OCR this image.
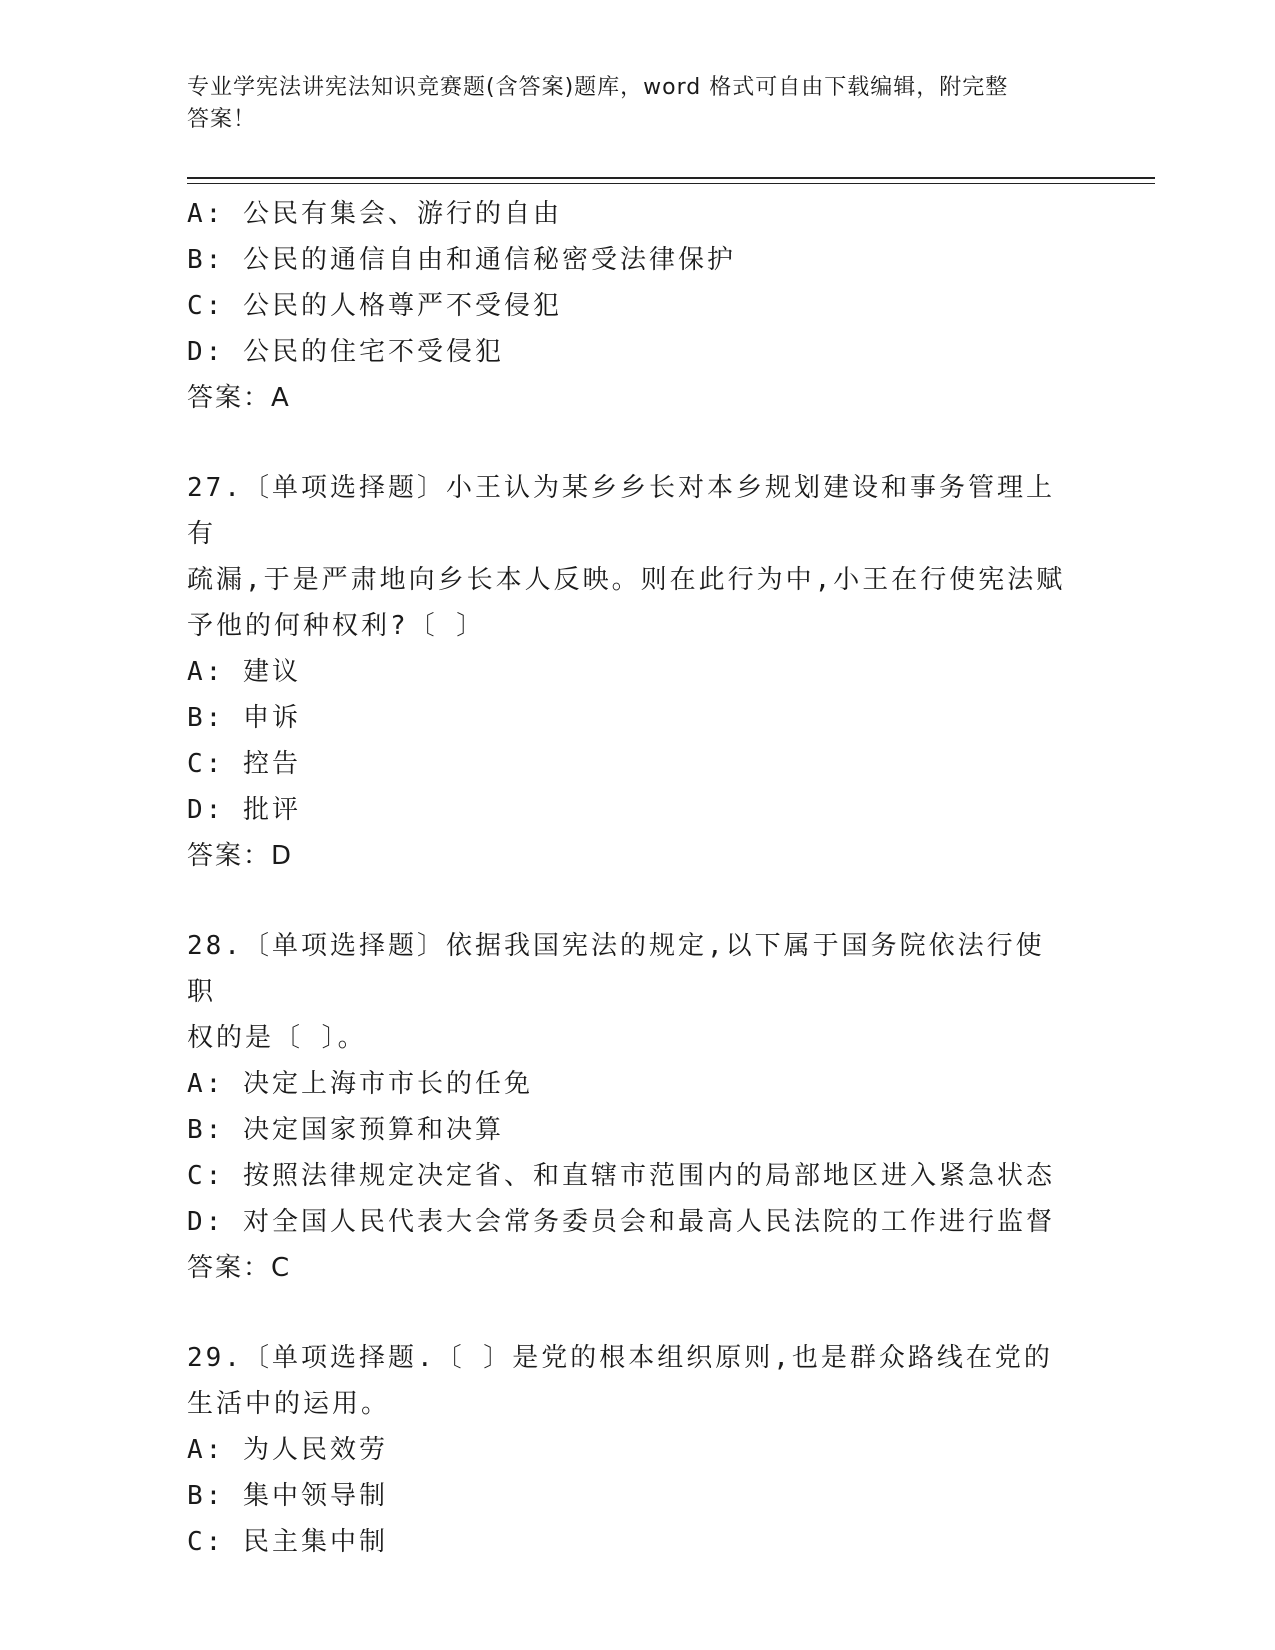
专业学宪法讲宪法知识竞赛题(含答案)题库，word 格式可自由下载编辑，附完整
答案！
A: 公民有集会、游行的自由
B: 公民的通信自由和通信秘密受法律保护
C: 公民的人格尊严不受侵犯
D: 公民的住宅不受侵犯
答案：A
27.〔单项选择题〕小王认为某乡乡长对本乡规划建设和事务管理上有
疏漏,于是严肃地向乡长本人反映。则在此行为中,小王在行使宪法赋
予他的何种权利?〔 〕
A: 建议
B: 申诉
C: 控告
D: 批评
答案：D
28.〔单项选择题〕依据我国宪法的规定,以下属于国务院依法行使职
权的是〔 〕。
A: 决定上海市市长的任免
B: 决定国家预算和决算
C: 按照法律规定决定省、和直辖市范围内的局部地区进入紧急状态
D: 对全国人民代表大会常务委员会和最高人民法院的工作进行监督
答案：C
29.〔单项选择题.〔 〕是党的根本组织原则,也是群众路线在党的
生活中的运用。
A: 为人民效劳
B: 集中领导制
C: 民主集中制
